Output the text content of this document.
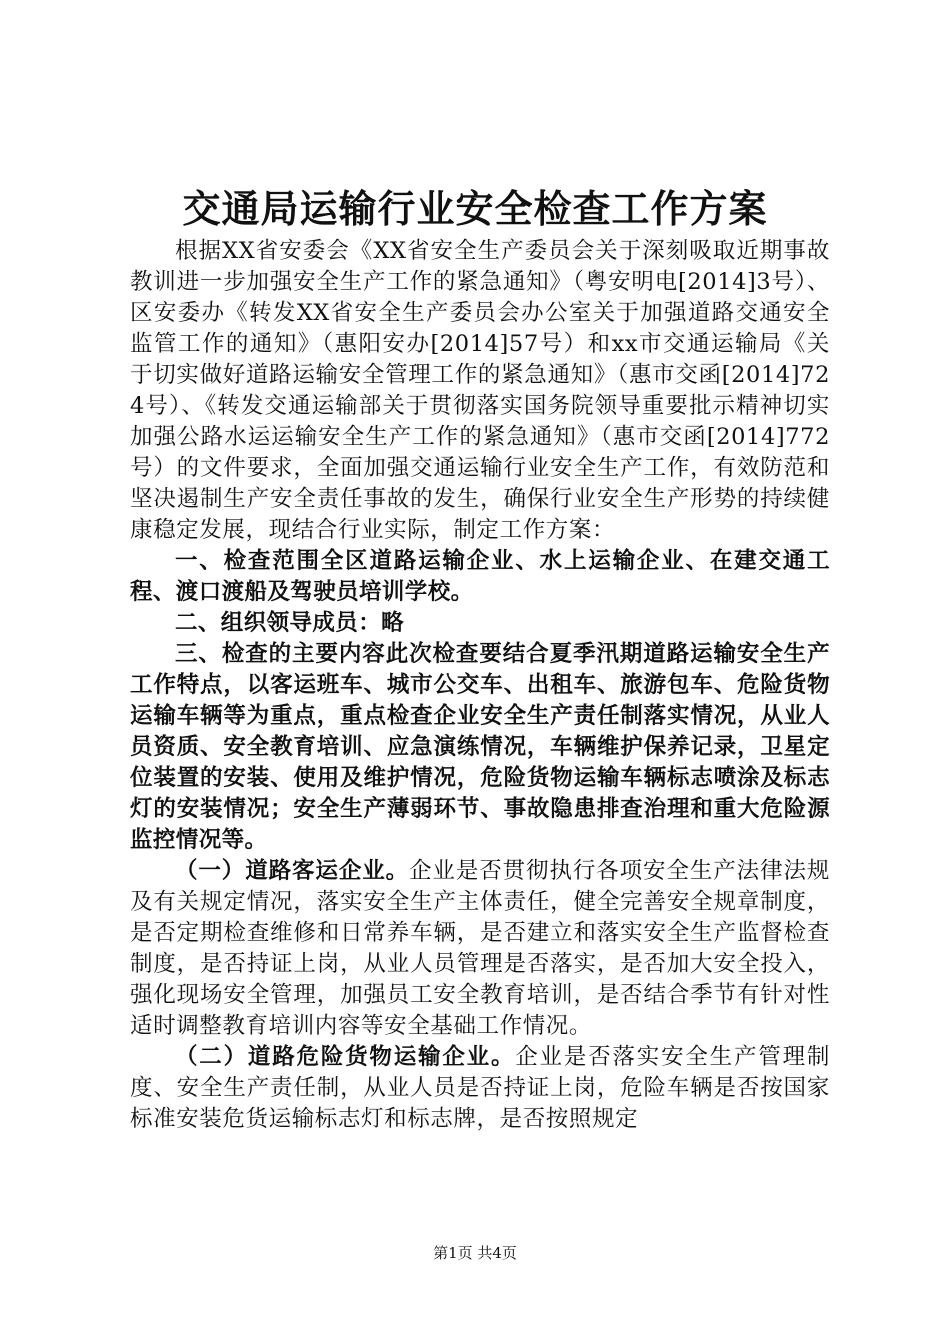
交通局运输行业安全检查工作方案

根据XX省安委会《XX省安全生产委员会关于深刻吸取近期事故教训进一步加强安全生产工作的紧急通知》（粤安明电[2014]3号）、区安委办《转发XX省安全生产委员会办公室关于加强道路交通安全监管工作的通知》（惠阳安办[2014]57号）和xx市交通运输局《关于切实做好道路运输安全管理工作的紧急通知》（惠市交函[2014]724号）、《转发交通运输部关于贯彻落实国务院领导重要批示精神切实加强公路水运运输安全生产工作的紧急通知》（惠市交函[2014]772号）的文件要求，全面加强交通运输行业安全生产工作，有效防范和坚决遏制生产安全责任事故的发生，确保行业安全生产形势的持续健康稳定发展，现结合行业实际，制定工作方案：

一、检查范围全区道路运输企业、水上运输企业、在建交通工程、渡口渡船及驾驶员培训学校。

二、组织领导成员：略

三、检查的主要内容此次检查要结合夏季汛期道路运输安全生产工作特点，以客运班车、城市公交车、出租车、旅游包车、危险货物运输车辆等为重点，重点检查企业安全生产责任制落实情况，从业人员资质、安全教育培训、应急演练情况，车辆维护保养记录，卫星定位装置的安装、使用及维护情况，危险货物运输车辆标志喷涂及标志灯的安装情况；安全生产薄弱环节、事故隐患排查治理和重大危险源监控情况等。

（一）道路客运企业。企业是否贯彻执行各项安全生产法律法规及有关规定情况，落实安全生产主体责任，健全完善安全规章制度，是否定期检查维修和日常养车辆，是否建立和落实安全生产监督检查制度，是否持证上岗，从业人员管理是否落实，是否加大安全投入，强化现场安全管理，加强员工安全教育培训，是否结合季节有针对性适时调整教育培训内容等安全基础工作情况。

（二）道路危险货物运输企业。企业是否落实安全生产管理制度、安全生产责任制，从业人员是否持证上岗，危险车辆是否按国家标准安装危货运输标志灯和标志牌，是否按照规定

第1页 共4页
